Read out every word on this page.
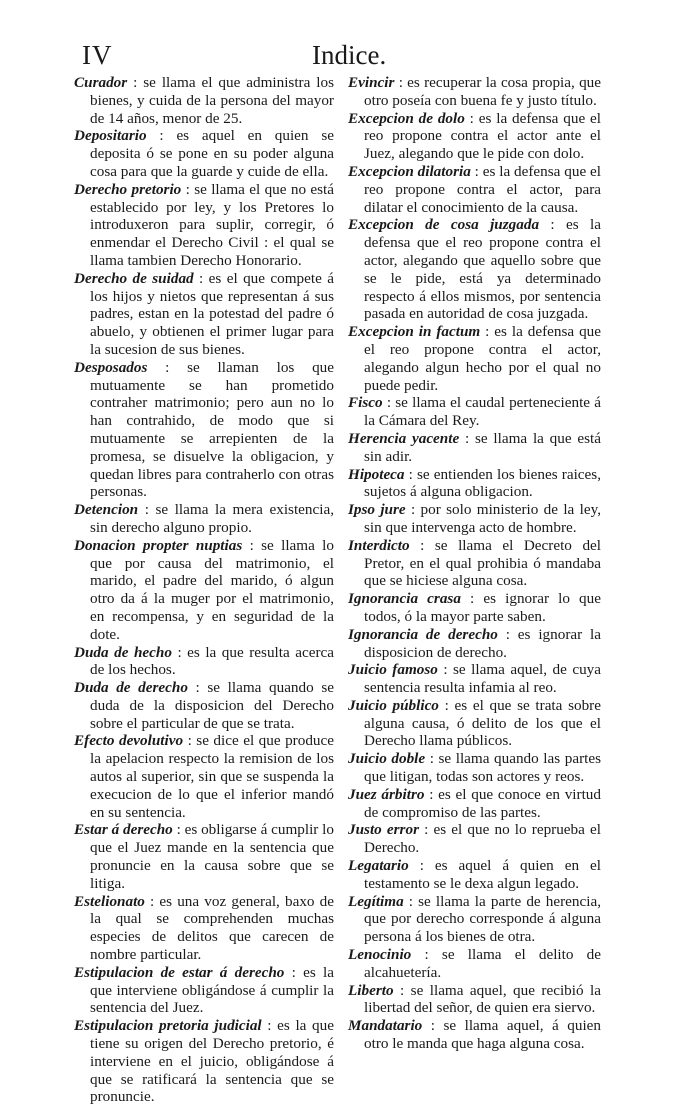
IV	Indice.

Curador : se llama el que administra los bienes, y cuida de la persona del mayor de 14 años, menor de 25.

Depositario : es aquel en quien se deposita ó se pone en su poder alguna cosa para que la guarde y cuide de ella.

Derecho pretorio : se llama el que no está establecido por ley, y los Pretores lo introduxeron para suplir, corregir, ó enmendar el Derecho Civil : el qual se llama tambien Derecho Honorario.

Derecho de suidad : es el que compete á los hijos y nietos que representan á sus padres, estan en la potestad del padre ó abuelo, y obtienen el primer lugar para la sucesion de sus bienes.

Desposados : se llaman los que mutuamente se han prometido contraher matrimonio; pero aun no lo han contrahido, de modo que si mutuamente se arrepienten de la promesa, se disuelve la obligacion, y quedan libres para contraherlo con otras personas.

Detencion : se llama la mera existencia, sin derecho alguno propio.

Donacion propter nuptias : se llama lo que por causa del matrimonio, el marido, el padre del marido, ó algun otro da á la muger por el matrimonio, en recompensa, y en seguridad de la dote.

Duda de hecho : es la que resulta acerca de los hechos.

Duda de derecho : se llama quando se duda de la disposicion del Derecho sobre el particular de que se trata.

Efecto devolutivo : se dice el que produce la apelacion respecto la remision de los autos al superior, sin que se suspenda la execucion de lo que el inferior mandó en su sentencia.

Estar á derecho : es obligarse á cumplir lo que el Juez mande en la sentencia que pronuncie en la causa sobre que se litiga.

Estelionato : es una voz general, baxo de la qual se comprehenden muchas especies de delitos que carecen de nombre particular.

Estipulacion de estar á derecho : es la que interviene obligándose á cumplir la sentencia del Juez.

Estipulacion pretoria judicial : es la que tiene su origen del Derecho pretorio, é interviene en el juicio, obligándose á que se ratificará la sentencia que se pronuncie.

Evincir : es recuperar la cosa propia, que otro poseía con buena fe y justo título.

Excepcion de dolo : es la defensa que el reo propone contra el actor ante el Juez, alegando que le pide con dolo.

Excepcion dilatoria : es la defensa que el reo propone contra el actor, para dilatar el conocimiento de la causa.

Excepcion de cosa juzgada : es la defensa que el reo propone contra el actor, alegando que aquello sobre que se le pide, está ya determinado respecto á ellos mismos, por sentencia pasada en autoridad de cosa juzgada.

Excepcion in factum : es la defensa que el reo propone contra el actor, alegando algun hecho por el qual no puede pedir.

Fisco : se llama el caudal perteneciente á la Cámara del Rey.

Herencia yacente : se llama la que está sin adir.

Hipoteca : se entienden los bienes raices, sujetos á alguna obligacion.

Ipso jure : por solo ministerio de la ley, sin que intervenga acto de hombre.

Interdicto : se llama el Decreto del Pretor, en el qual prohibia ó mandaba que se hiciese alguna cosa.

Ignorancia crasa : es ignorar lo que todos, ó la mayor parte saben.

Ignorancia de derecho : es ignorar la disposicion de derecho.

Juicio famoso : se llama aquel, de cuya sentencia resulta infamia al reo.

Juicio público : es el que se trata sobre alguna causa, ó delito de los que el Derecho llama públicos.

Juicio doble : se llama quando las partes que litigan, todas son actores y reos.

Juez árbitro : es el que conoce en virtud de compromiso de las partes.

Justo error : es el que no lo reprueba el Derecho.

Legatario : es aquel á quien en el testamento se le dexa algun legado.

Legítima : se llama la parte de herencia, que por derecho corresponde á alguna persona á los bienes de otra.

Lenocinio : se llama el delito de alcahuetería.

Liberto : se llama aquel, que recibió la libertad del señor, de quien era siervo.

Mandatario : se llama aquel, á quien otro le manda que haga alguna cosa.
